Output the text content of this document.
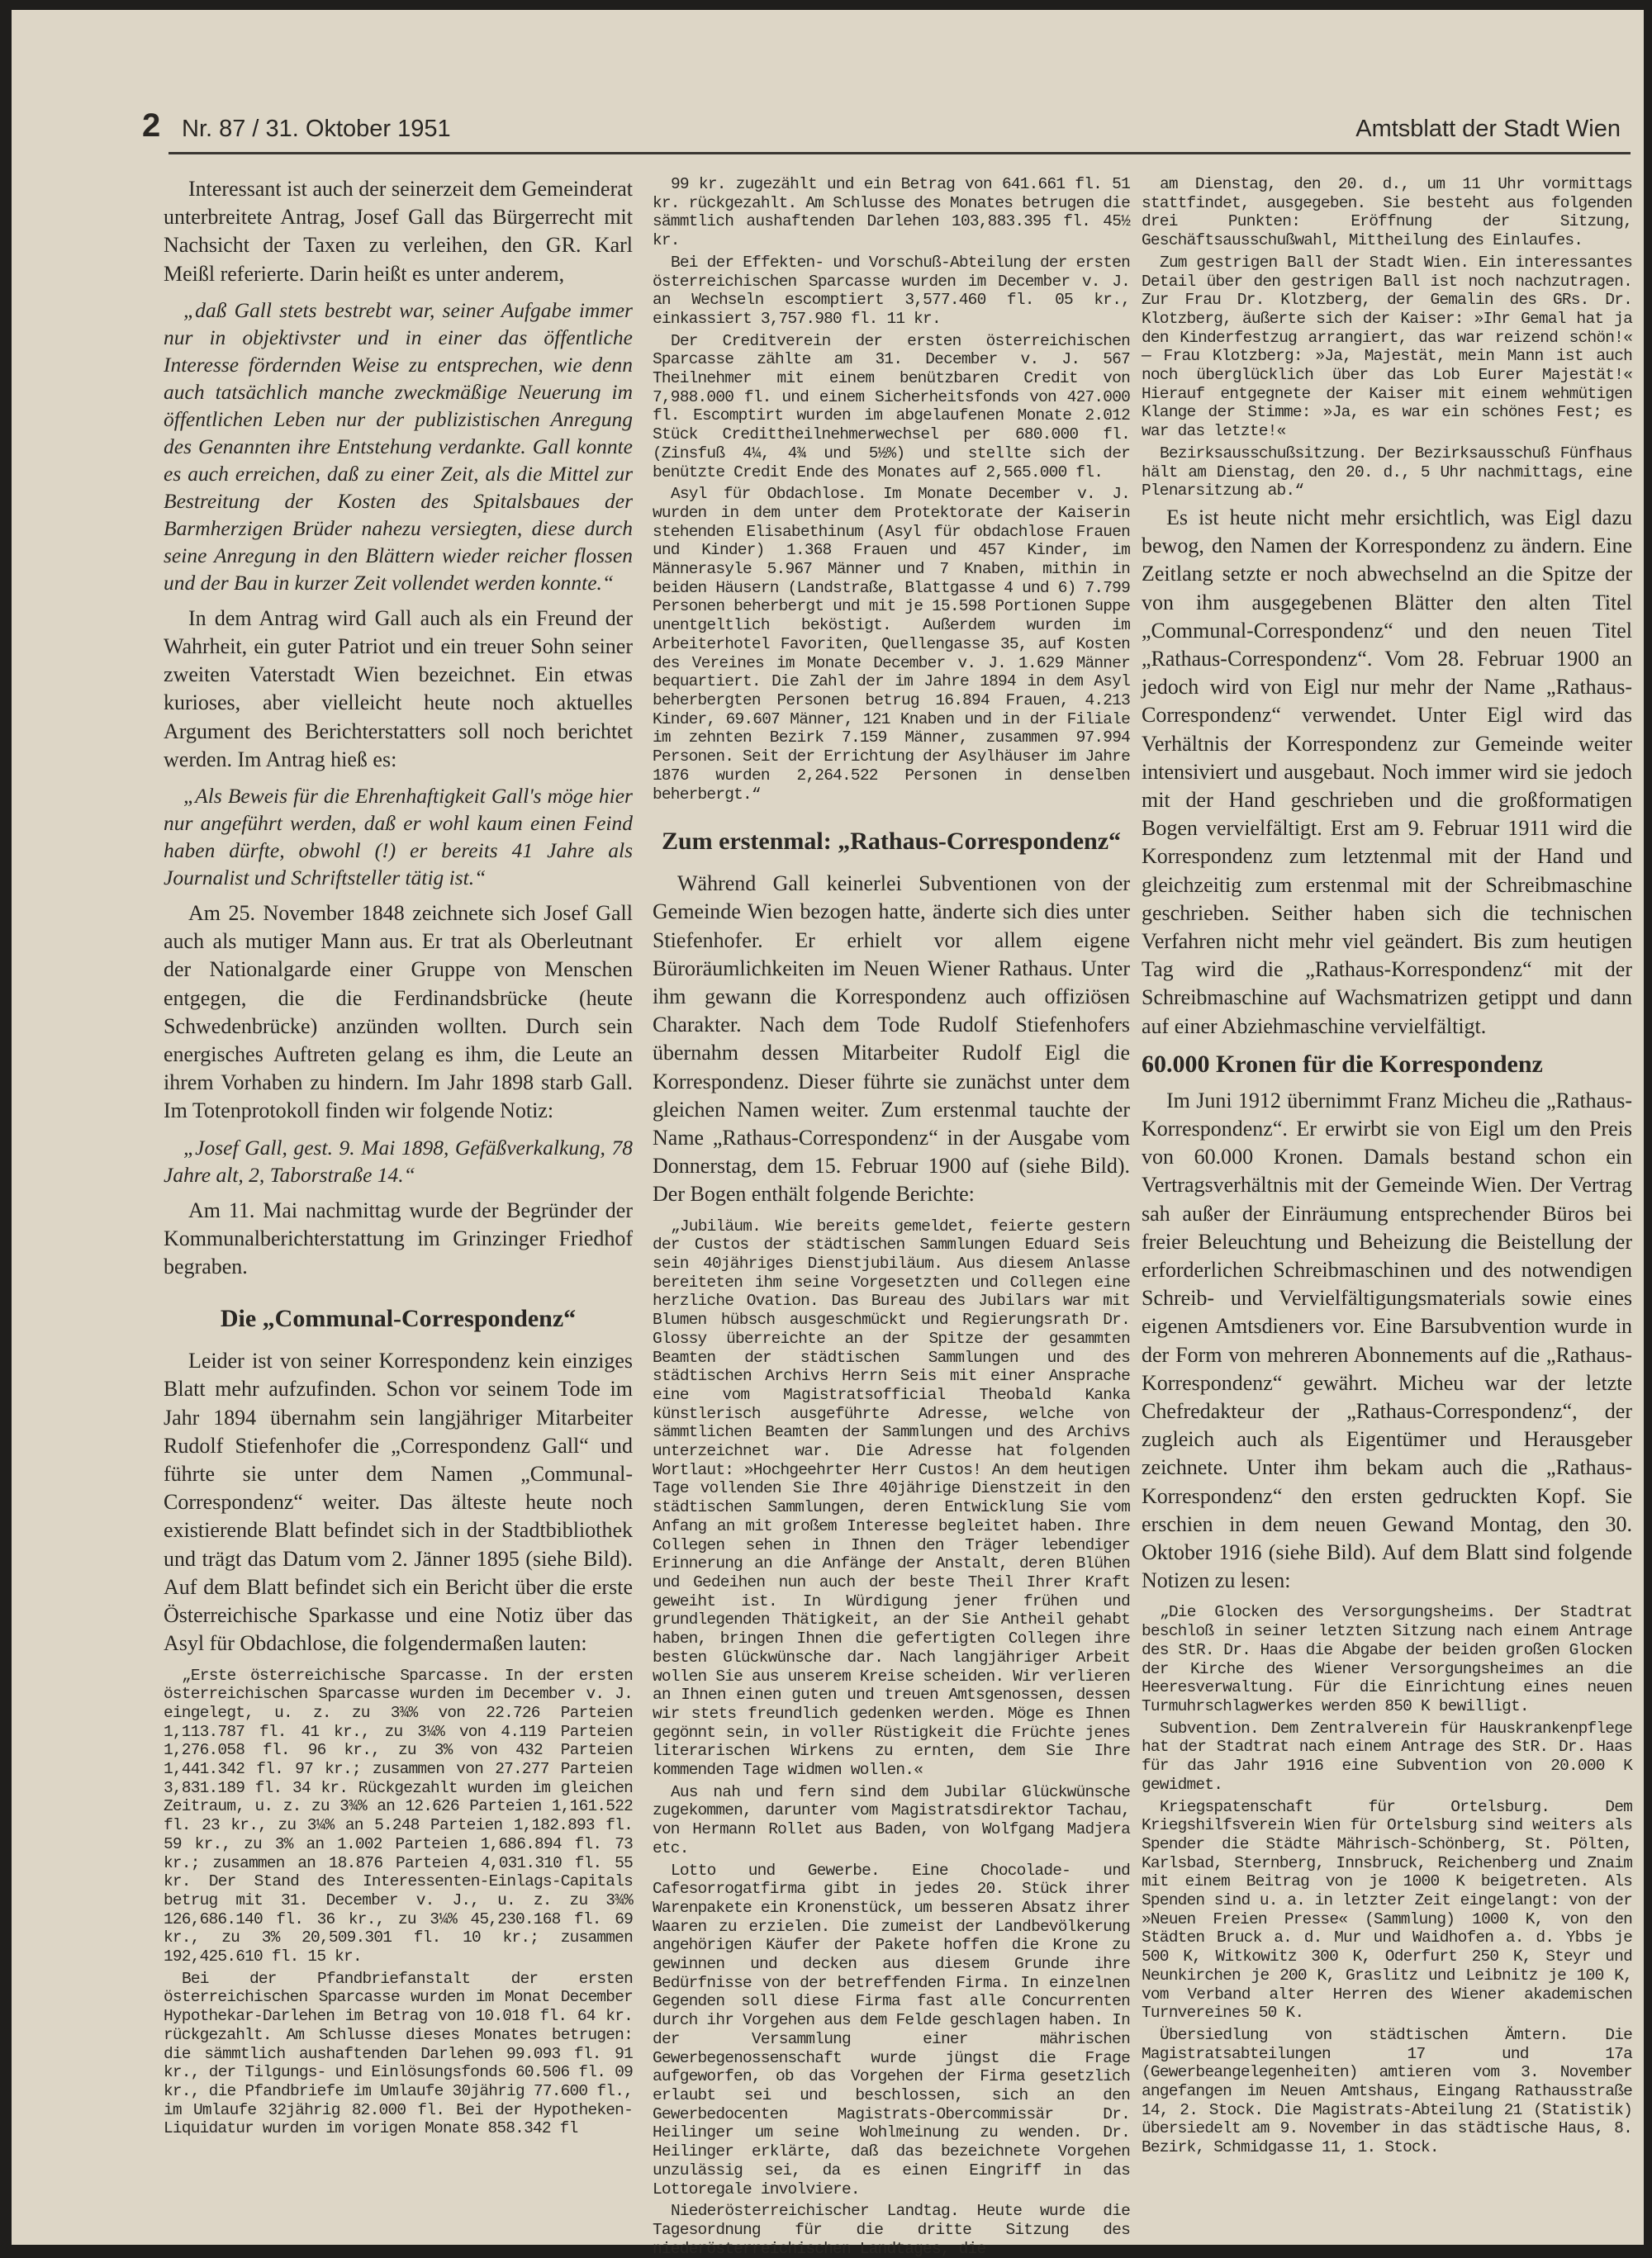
2 Nr. 87 / 31. Oktober 1951	Amtsblatt der Stadt Wien

Interessant ist auch der seinerzeit dem Gemeinderat unterbreitete Antrag, Josef Gall das Bürgerrecht mit Nachsicht der Taxen zu verleihen, den GR. Karl Meißl referierte. Darin heißt es unter anderem,

„daß Gall stets bestrebt war, seiner Aufgabe immer nur in objektivster und in einer das öffentliche Interesse fördernden Weise zu entsprechen, wie denn auch tatsächlich manche zweckmäßige Neuerung im öffentlichen Leben nur der publizistischen Anregung des Genannten ihre Entstehung verdankte. Gall konnte es auch erreichen, daß zu einer Zeit, als die Mittel zur Bestreitung der Kosten des Spitalsbaues der Barmherzigen Brüder nahezu versiegten, diese durch seine Anregung in den Blättern wieder reicher flossen und der Bau in kurzer Zeit vollendet werden konnte.“

In dem Antrag wird Gall auch als ein Freund der Wahrheit, ein guter Patriot und ein treuer Sohn seiner zweiten Vaterstadt Wien bezeichnet. Ein etwas kurioses, aber vielleicht heute noch aktuelles Argument des Berichterstatters soll noch berichtet werden. Im Antrag hieß es:

„Als Beweis für die Ehrenhaftigkeit Gall's möge hier nur angeführt werden, daß er wohl kaum einen Feind haben dürfte, obwohl (!) er bereits 41 Jahre als Journalist und Schriftsteller tätig ist.“

Am 25. November 1848 zeichnete sich Josef Gall auch als mutiger Mann aus. Er trat als Oberleutnant der Nationalgarde einer Gruppe von Menschen entgegen, die die Ferdinandsbrücke (heute Schwedenbrücke) anzünden wollten. Durch sein energisches Auftreten gelang es ihm, die Leute an ihrem Vorhaben zu hindern. Im Jahr 1898 starb Gall. Im Totenprotokoll finden wir folgende Notiz:

„Josef Gall, gest. 9. Mai 1898, Gefäßverkalkung, 78 Jahre alt, 2, Taborstraße 14.“

Am 11. Mai nachmittag wurde der Begründer der Kommunalberichterstattung im Grinzinger Friedhof begraben.

Die „Communal-Correspondenz“

Leider ist von seiner Korrespondenz kein einziges Blatt mehr aufzufinden. Schon vor seinem Tode im Jahr 1894 übernahm sein langjähriger Mitarbeiter Rudolf Stiefenhofer die „Correspondenz Gall“ und führte sie unter dem Namen „Communal-Correspondenz“ weiter. Das älteste heute noch existierende Blatt befindet sich in der Stadtbibliothek und trägt das Datum vom 2. Jänner 1895 (siehe Bild). Auf dem Blatt befindet sich ein Bericht über die erste Österreichische Sparkasse und eine Notiz über das Asyl für Obdachlose, die folgendermaßen lauten:

„Erste österreichische Sparcasse. In der ersten österreichischen Sparcasse wurden im December v. J. eingelegt, u. z. zu 3¾% von 22.726 Parteien 1,113.787 fl. 41 kr., zu 3¼% von 4.119 Parteien 1,276.058 fl. 96 kr., zu 3% von 432 Parteien 1,441.342 fl. 97 kr.; zusammen von 27.277 Parteien 3,831.189 fl. 34 kr. Rückgezahlt wurden im gleichen Zeitraum, u. z. zu 3¾% an 12.626 Parteien 1,161.522 fl. 23 kr., zu 3¼% an 5.248 Parteien 1,182.893 fl. 59 kr., zu 3% an 1.002 Parteien 1,686.894 fl. 73 kr.; zusammen an 18.876 Parteien 4,031.310 fl. 55 kr. Der Stand des Interessenten-Einlags-Capitals betrug mit 31. December v. J., u. z. zu 3¾% 126,686.140 fl. 36 kr., zu 3¼% 45,230.168 fl. 69 kr., zu 3% 20,509.301 fl. 10 kr.; zusammen 192,425.610 fl. 15 kr.

Bei der Pfandbriefanstalt der ersten österreichischen Sparcasse wurden im Monat December Hypothekar-Darlehen im Betrag von 10.018 fl. 64 kr. rückgezahlt. Am Schlusse dieses Monates betrugen: die sämmtlich aushaftenden Darlehen 99.093 fl. 91 kr., der Tilgungs- und Einlösungsfonds 60.506 fl. 09 kr., die Pfandbriefe im Umlaufe 30jährig 77.600 fl., im Umlaufe 32jährig 82.000 fl. Bei der Hypotheken-Liquidatur wurden im vorigen Monate 858.342 fl

99 kr. zugezählt und ein Betrag von 641.661 fl. 51 kr. rückgezahlt. Am Schlusse des Monates betrugen die sämmtlich aushaftenden Darlehen 103,883.395 fl. 45½ kr.

Bei der Effekten- und Vorschuß-Abteilung der ersten österreichischen Sparcasse wurden im December v. J. an Wechseln escomptiert 3,577.460 fl. 05 kr., einkassiert 3,757.980 fl. 11 kr.

Der Creditverein der ersten österreichischen Sparcasse zählte am 31. December v. J. 567 Theilnehmer mit einem benützbaren Credit von 7,988.000 fl. und einem Sicherheitsfonds von 427.000 fl. Escomptirt wurden im abgelaufenen Monate 2.012 Stück Credittheilnehmerwechsel per 680.000 fl. (Zinsfuß 4¼, 4¾ und 5½%) und stellte sich der benützte Credit Ende des Monates auf 2,565.000 fl.

Asyl für Obdachlose. Im Monate December v. J. wurden in dem unter dem Protektorate der Kaiserin stehenden Elisabethinum (Asyl für obdachlose Frauen und Kinder) 1.368 Frauen und 457 Kinder, im Männerasyle 5.967 Männer und 7 Knaben, mithin in beiden Häusern (Landstraße, Blattgasse 4 und 6) 7.799 Personen beherbergt und mit je 15.598 Portionen Suppe unentgeltlich beköstigt. Außerdem wurden im Arbeiterhotel Favoriten, Quellengasse 35, auf Kosten des Vereines im Monate December v. J. 1.629 Männer bequartiert. Die Zahl der im Jahre 1894 in dem Asyl beherbergten Personen betrug 16.894 Frauen, 4.213 Kinder, 69.607 Männer, 121 Knaben und in der Filiale im zehnten Bezirk 7.159 Männer, zusammen 97.994 Personen. Seit der Errichtung der Asylhäuser im Jahre 1876 wurden 2,264.522 Personen in denselben beherbergt.“

Zum erstenmal: „Rathaus-Correspondenz“

Während Gall keinerlei Subventionen von der Gemeinde Wien bezogen hatte, änderte sich dies unter Stiefenhofer. Er erhielt vor allem eigene Büroräumlichkeiten im Neuen Wiener Rathaus. Unter ihm gewann die Korrespondenz auch offiziösen Charakter. Nach dem Tode Rudolf Stiefenhofers übernahm dessen Mitarbeiter Rudolf Eigl die Korrespondenz. Dieser führte sie zunächst unter dem gleichen Namen weiter. Zum erstenmal tauchte der Name „Rathaus-Correspondenz“ in der Ausgabe vom Donnerstag, dem 15. Februar 1900 auf (siehe Bild). Der Bogen enthält folgende Berichte:

„Jubiläum. Wie bereits gemeldet, feierte gestern der Custos der städtischen Sammlungen Eduard Seis sein 40jähriges Dienstjubiläum. Aus diesem Anlasse bereiteten ihm seine Vorgesetzten und Collegen eine herzliche Ovation. Das Bureau des Jubilars war mit Blumen hübsch ausgeschmückt und Regierungsrath Dr. Glossy überreichte an der Spitze der gesammten Beamten der städtischen Sammlungen und des städtischen Archivs Herrn Seis mit einer Ansprache eine vom Magistratsofficial Theobald Kanka künstlerisch ausgeführte Adresse, welche von sämmtlichen Beamten der Sammlungen und des Archivs unterzeichnet war. Die Adresse hat folgenden Wortlaut: »Hochgeehrter Herr Custos! An dem heutigen Tage vollenden Sie Ihre 40jährige Dienstzeit in den städtischen Sammlungen, deren Entwicklung Sie vom Anfang an mit großem Interesse begleitet haben. Ihre Collegen sehen in Ihnen den Träger lebendiger Erinnerung an die Anfänge der Anstalt, deren Blühen und Gedeihen nun auch der beste Theil Ihrer Kraft geweiht ist. In Würdigung jener frühen und grundlegenden Thätigkeit, an der Sie Antheil gehabt haben, bringen Ihnen die gefertigten Collegen ihre besten Glückwünsche dar. Nach langjähriger Arbeit wollen Sie aus unserem Kreise scheiden. Wir verlieren an Ihnen einen guten und treuen Amtsgenossen, dessen wir stets freundlich gedenken werden. Möge es Ihnen gegönnt sein, in voller Rüstigkeit die Früchte jenes literarischen Wirkens zu ernten, dem Sie Ihre kommenden Tage widmen wollen.«

Aus nah und fern sind dem Jubilar Glückwünsche zugekommen, darunter vom Magistratsdirektor Tachau, von Hermann Rollet aus Baden, von Wolfgang Madjera etc.

Lotto und Gewerbe. Eine Chocolade- und Cafesorrogatfirma gibt in jedes 20. Stück ihrer Warenpakete ein Kronenstück, um besseren Absatz ihrer Waaren zu erzielen. Die zumeist der Landbevölkerung angehörigen Käufer der Pakete hoffen die Krone zu gewinnen und decken aus diesem Grunde ihre Bedürfnisse von der betreffenden Firma. In einzelnen Gegenden soll diese Firma fast alle Concurrenten durch ihr Vorgehen aus dem Felde geschlagen haben. In der Versammlung einer mährischen Gewerbegenossenschaft wurde jüngst die Frage aufgeworfen, ob das Vorgehen der Firma gesetzlich erlaubt sei und beschlossen, sich an den Gewerbedocenten Magistrats-Obercommissär Dr. Heilinger um seine Wohlmeinung zu wenden. Dr. Heilinger erklärte, daß das bezeichnete Vorgehen unzulässig sei, da es einen Eingriff in das Lottoregale involviere.

Niederösterreichischer Landtag. Heute wurde die Tagesordnung für die dritte Sitzung des niederösterreichischen Landtages, die

am Dienstag, den 20. d., um 11 Uhr vormittags stattfindet, ausgegeben. Sie besteht aus folgenden drei Punkten: Eröffnung der Sitzung, Geschäftsausschußwahl, Mittheilung des Einlaufes.

Zum gestrigen Ball der Stadt Wien. Ein interessantes Detail über den gestrigen Ball ist noch nachzutragen. Zur Frau Dr. Klotzberg, der Gemalin des GRs. Dr. Klotzberg, äußerte sich der Kaiser: »Ihr Gemal hat ja den Kinderfestzug arrangiert, das war reizend schön!« — Frau Klotzberg: »Ja, Majestät, mein Mann ist auch noch überglücklich über das Lob Eurer Majestät!« Hierauf entgegnete der Kaiser mit einem wehmütigen Klange der Stimme: »Ja, es war ein schönes Fest; es war das letzte!«

Bezirksausschußsitzung. Der Bezirksausschuß Fünfhaus hält am Dienstag, den 20. d., 5 Uhr nachmittags, eine Plenarsitzung ab.“

Es ist heute nicht mehr ersichtlich, was Eigl dazu bewog, den Namen der Korrespondenz zu ändern. Eine Zeitlang setzte er noch abwechselnd an die Spitze der von ihm ausgegebenen Blätter den alten Titel „Communal-Correspondenz“ und den neuen Titel „Rathaus-Correspondenz“. Vom 28. Februar 1900 an jedoch wird von Eigl nur mehr der Name „Rathaus-Correspondenz“ verwendet. Unter Eigl wird das Verhältnis der Korrespondenz zur Gemeinde weiter intensiviert und ausgebaut. Noch immer wird sie jedoch mit der Hand geschrieben und die großformatigen Bogen vervielfältigt. Erst am 9. Februar 1911 wird die Korrespondenz zum letztenmal mit der Hand und gleichzeitig zum erstenmal mit der Schreibmaschine geschrieben. Seither haben sich die technischen Verfahren nicht mehr viel geändert. Bis zum heutigen Tag wird die „Rathaus-Korrespondenz“ mit der Schreibmaschine auf Wachsmatrizen getippt und dann auf einer Abziehmaschine vervielfältigt.

60.000 Kronen für die Korrespondenz

Im Juni 1912 übernimmt Franz Micheu die „Rathaus-Korrespondenz“. Er erwirbt sie von Eigl um den Preis von 60.000 Kronen. Damals bestand schon ein Vertragsverhältnis mit der Gemeinde Wien. Der Vertrag sah außer der Einräumung entsprechender Büros bei freier Beleuchtung und Beheizung die Beistellung der erforderlichen Schreibmaschinen und des notwendigen Schreib- und Vervielfältigungsmaterials sowie eines eigenen Amtsdieners vor. Eine Barsubvention wurde in der Form von mehreren Abonnements auf die „Rathaus-Korrespondenz“ gewährt. Micheu war der letzte Chefredakteur der „Rathaus-Correspondenz“, der zugleich auch als Eigentümer und Herausgeber zeichnete. Unter ihm bekam auch die „Rathaus-Korrespondenz“ den ersten gedruckten Kopf. Sie erschien in dem neuen Gewand Montag, den 30. Oktober 1916 (siehe Bild). Auf dem Blatt sind folgende Notizen zu lesen:

„Die Glocken des Versorgungsheims. Der Stadtrat beschloß in seiner letzten Sitzung nach einem Antrage des StR. Dr. Haas die Abgabe der beiden großen Glocken der Kirche des Wiener Versorgungsheimes an die Heeresverwaltung. Für die Einrichtung eines neuen Turmuhrschlagwerkes werden 850 K bewilligt.

Subvention. Dem Zentralverein für Hauskrankenpflege hat der Stadtrat nach einem Antrage des StR. Dr. Haas für das Jahr 1916 eine Subvention von 20.000 K gewidmet.

Kriegspatenschaft für Ortelsburg. Dem Kriegshilfsverein Wien für Ortelsburg sind weiters als Spender die Städte Mährisch-Schönberg, St. Pölten, Karlsbad, Sternberg, Innsbruck, Reichenberg und Znaim mit einem Beitrag von je 1000 K beigetreten. Als Spenden sind u. a. in letzter Zeit eingelangt: von der »Neuen Freien Presse« (Sammlung) 1000 K, von den Städten Bruck a. d. Mur und Waidhofen a. d. Ybbs je 500 K, Witkowitz 300 K, Oderfurt 250 K, Steyr und Neunkirchen je 200 K, Graslitz und Leibnitz je 100 K, vom Verband alter Herren des Wiener akademischen Turnvereines 50 K.

Übersiedlung von städtischen Ämtern. Die Magistratsabteilungen 17 und 17a (Gewerbeangelegenheiten) amtieren vom 3. November angefangen im Neuen Amtshaus, Eingang Rathausstraße 14, 2. Stock. Die Magistrats-Abteilung 21 (Statistik) übersiedelt am 9. November in das städtische Haus, 8. Bezirk, Schmidgasse 11, 1. Stock.
